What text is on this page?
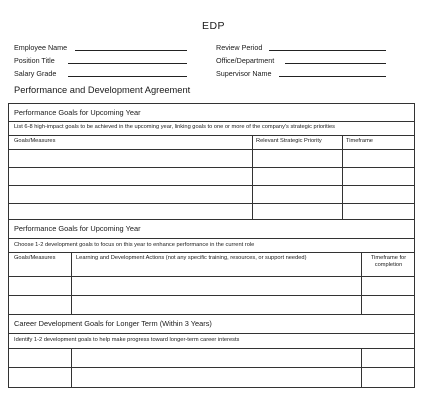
EDP
Employee Name
Position Title
Salary Grade
Review Period
Office/Department
Supervisor Name
Performance and Development Agreement
Performance Goals for Upcoming Year
List 6-8 high-impact goals to be achieved in the upcoming year, linking goals to one or more of the company's strategic priorities
Goals/Measures	Relevant Strategic Priority	Timeframe
Performance Goals for Upcoming Year
Choose 1-2 development goals to focus on this year to enhance performance in the current role
Goals/Measures	Learning and Development Actions (not any specific training, resources, or support needed)	Timeframe for
completion
Career Development Goals for Longer Term (Within 3 Years)
Identify 1-2 development goals to help make progress toward longer-term career interests
